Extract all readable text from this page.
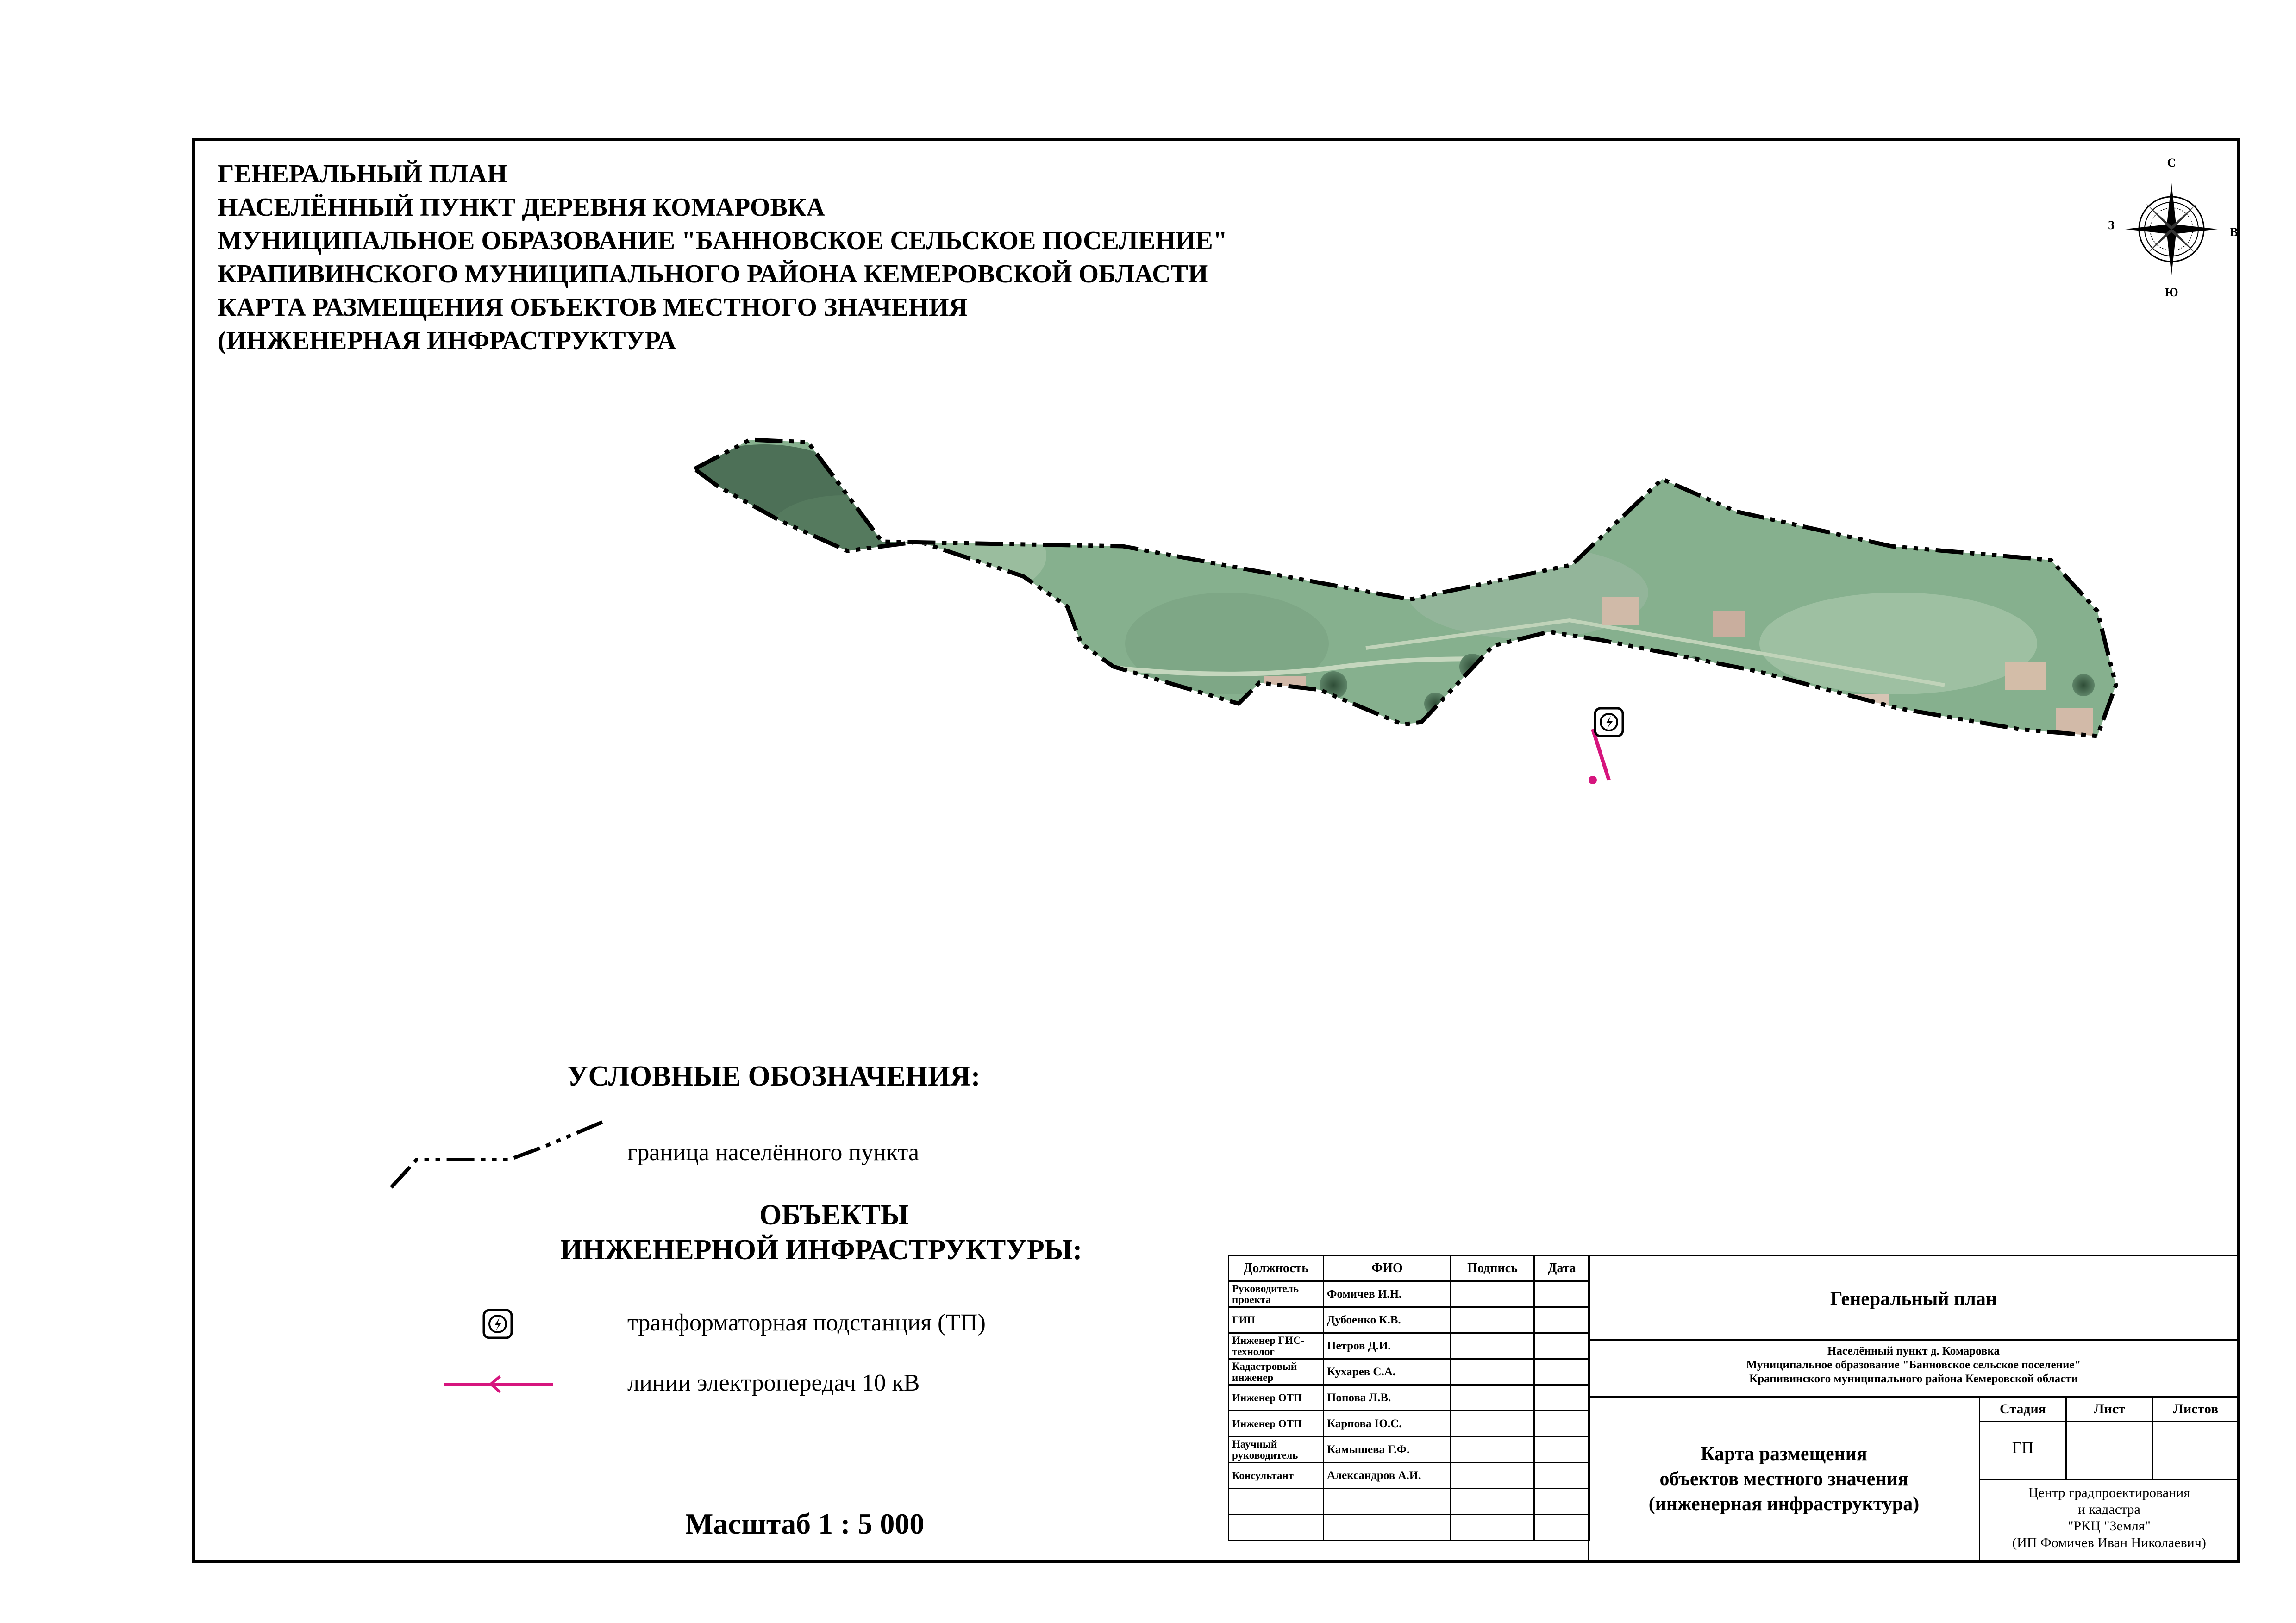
ГЕНЕРАЛЬНЫЙ ПЛАН
НАСЕЛЁННЫЙ ПУНКТ ДЕРЕВНЯ КОМАРОВКА
МУНИЦИПАЛЬНОЕ ОБРАЗОВАНИЕ "БАННОВСКОЕ СЕЛЬСКОЕ ПОСЕЛЕНИЕ"
КРАПИВИНСКОГО МУНИЦИПАЛЬНОГО РАЙОНА КЕМЕРОВСКОЙ ОБЛАСТИ
КАРТА РАЗМЕЩЕНИЯ ОБЪЕКТОВ МЕСТНОГО ЗНАЧЕНИЯ
(ИНЖЕНЕРНАЯ ИНФРАСТРУКТУРА
С
Ю
З
В
УСЛОВНЫЕ ОБОЗНАЧЕНИЯ:
граница населённого пункта
ОБЪЕКТЫ
ИНЖЕНЕРНОЙ ИНФРАСТРУКТУРЫ:
транформаторная подстанция (ТП)
линии электропередач 10 кВ
Масштаб 1 : 5 000
Должность	ФИО	Подпись	Дата
Руководитель проекта	Фомичев И.Н.		
ГИП	Дубоенко К.В.		
Инженер ГИС-технолог	Петров Д.И.		
Кадастровый инженер	Кухарев С.А.		
Инженер ОТП	Попова Л.В.		
Инженер ОТП	Карпова Ю.С.		
Научный руководитель	Камышева Г.Ф.		
Консультант	Александров А.И.		

Генеральный план
Населённый пункт д. Комаровка
Муниципальное образование "Банновское сельское поселение"
Крапивинского муниципального района Кемеровской области
Карта размещения
объектов местного значения
(инженерная инфраструктура)
Стадия	Лист	Листов
ГП
Центр градпроектирования
и кадастра
"РКЦ "Земля"
(ИП Фомичев Иван Николаевич)
